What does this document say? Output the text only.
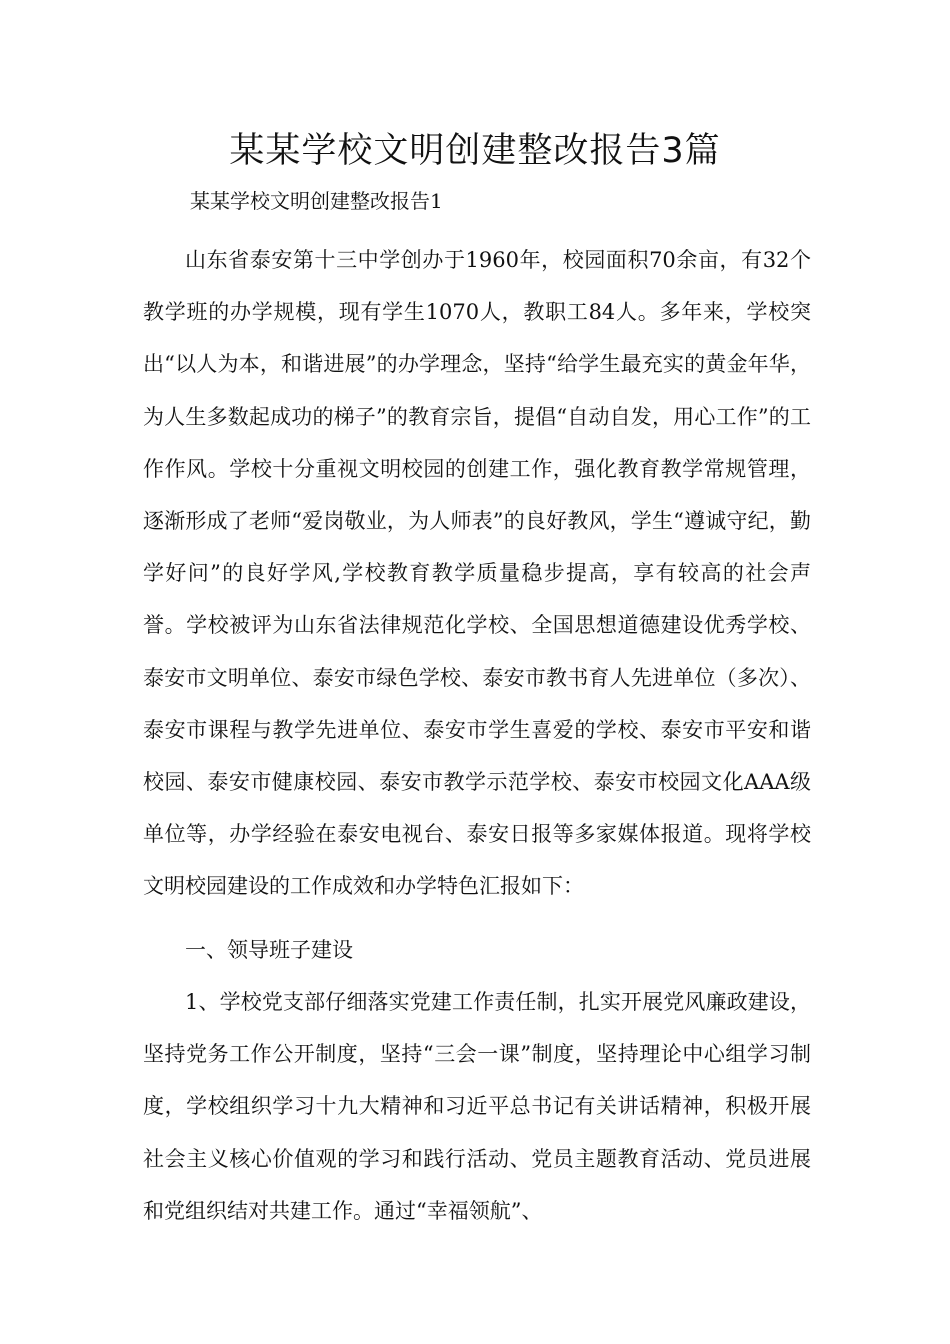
某某学校文明创建整改报告3篇

某某学校文明创建整改报告1

山东省泰安第十三中学创办于1960年，校园面积70余亩，有32个教学班的办学规模，现有学生1070人，教职工84人。多年来，学校突出“以人为本，和谐进展”的办学理念，坚持“给学生最充实的黄金年华，为人生多数起成功的梯子”的教育宗旨，提倡“自动自发，用心工作”的工作作风。学校十分重视文明校园的创建工作，强化教育教学常规管理，逐渐形成了老师“爱岗敬业，为人师表”的良好教风，学生“遵诚守纪，勤学好问”的良好学风,学校教育教学质量稳步提高，享有较高的社会声誉。学校被评为山东省法律规范化学校、全国思想道德建设优秀学校、泰安市文明单位、泰安市绿色学校、泰安市教书育人先进单位（多次）、泰安市课程与教学先进单位、泰安市学生喜爱的学校、泰安市平安和谐校园、泰安市健康校园、泰安市教学示范学校、泰安市校园文化AAA级单位等，办学经验在泰安电视台、泰安日报等多家媒体报道。现将学校文明校园建设的工作成效和办学特色汇报如下：

一、领导班子建设

1、学校党支部仔细落实党建工作责任制，扎实开展党风廉政建设，坚持党务工作公开制度，坚持“三会一课”制度，坚持理论中心组学习制度，学校组织学习十九大精神和习近平总书记有关讲话精神，积极开展社会主义核心价值观的学习和践行活动、党员主题教育活动、党员进展和党组织结对共建工作。通过“幸福领航”、
